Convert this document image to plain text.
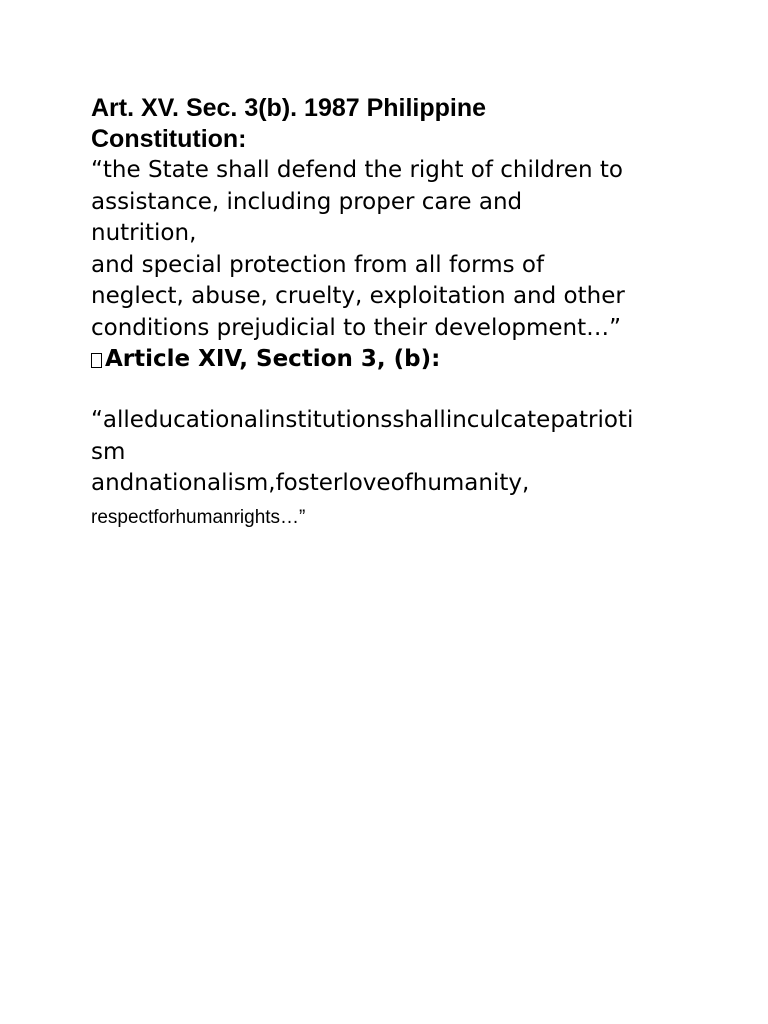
Art. XV. Sec. 3(b). 1987 Philippine
Constitution:
“the State shall defend the right of children to
assistance, including proper care and
nutrition,
and special protection from all forms of
neglect, abuse, cruelty, exploitation and other
conditions prejudicial to their development…”
Article XIV, Section 3, (b):
“alleducationalinstitutionsshallinculcatepatrioti
sm
andnationalism,fosterloveofhumanity,
respectforhumanrights…”
